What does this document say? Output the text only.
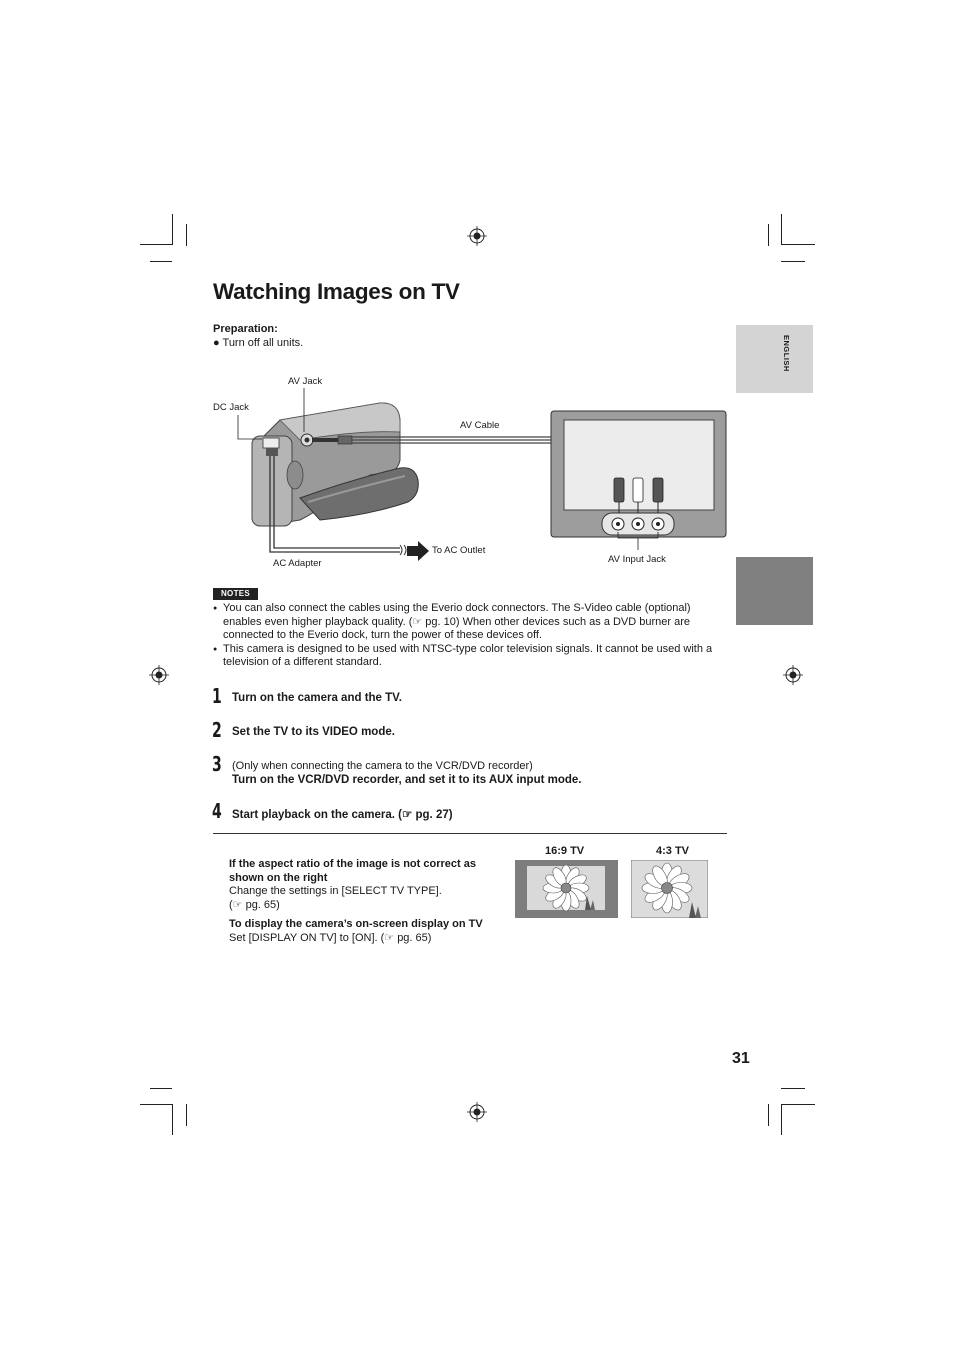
ENGLISH
Watching Images on TV
Preparation:
● Turn off all units.
AV Jack
DC Jack
AV Cable
To AC Outlet
AC Adapter	AV Input Jack
NOTES
● You can also connect the cables using the Everio dock connectors. The S-Video cable (optional) enables even higher playback quality. (☞ pg. 10) When other devices such as a DVD burner are connected to the Everio dock, turn the power of these devices off.
● This camera is designed to be used with NTSC-type color television signals. It cannot be used with a television of a different standard.
1 Turn on the camera and the TV.
2 Set the TV to its VIDEO mode.
3 (Only when connecting the camera to the VCR/DVD recorder)
Turn on the VCR/DVD recorder, and set it to its AUX input mode.
4 Start playback on the camera. (☞ pg. 27)
If the aspect ratio of the image is not correct as shown on the right
Change the settings in [SELECT TV TYPE].
(☞ pg. 65)
To display the camera’s on-screen display on TV
Set [DISPLAY ON TV] to [ON]. (☞ pg. 65)
16:9 TV	4:3 TV
31
